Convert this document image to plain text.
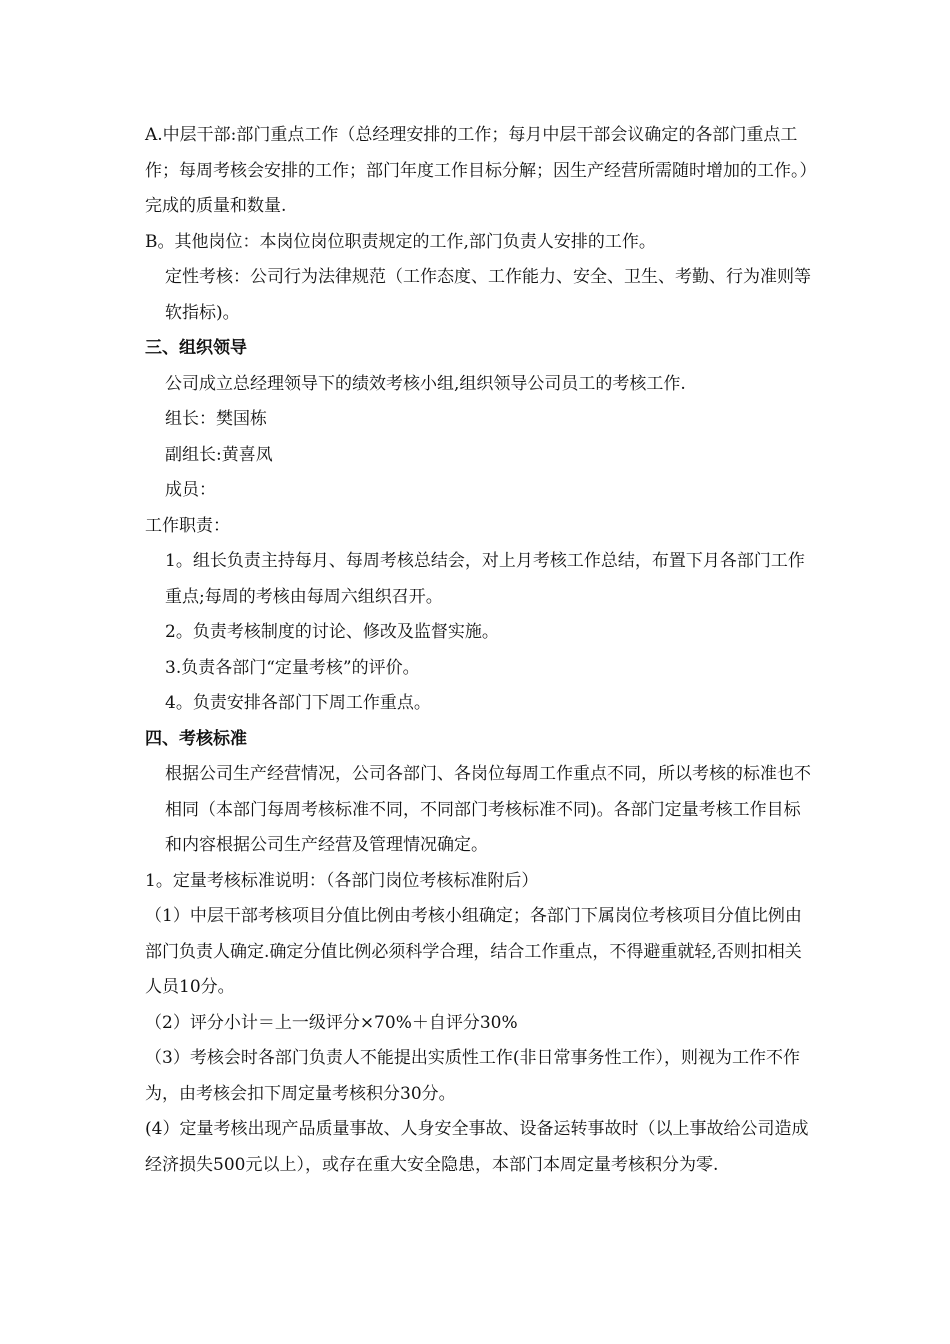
A.中层干部:部门重点工作（总经理安排的工作；每月中层干部会议确定的各部门重点工作；每周考核会安排的工作；部门年度工作目标分解；因生产经营所需随时增加的工作。）完成的质量和数量.

B。其他岗位：本岗位岗位职责规定的工作,部门负责人安排的工作。

定性考核：公司行为法律规范（工作态度、工作能力、安全、卫生、考勤、行为准则等软指标)。

三、组织领导

公司成立总经理领导下的绩效考核小组,组织领导公司员工的考核工作.

组长：樊国栋

副组长:黄喜凤

成员：

工作职责：

1。组长负责主持每月、每周考核总结会，对上月考核工作总结，布置下月各部门工作重点;每周的考核由每周六组织召开。

2。负责考核制度的讨论、修改及监督实施。

3.负责各部门“定量考核”的评价。

4。负责安排各部门下周工作重点。

四、考核标准

根据公司生产经营情况，公司各部门、各岗位每周工作重点不同，所以考核的标准也不相同（本部门每周考核标准不同，不同部门考核标准不同)。各部门定量考核工作目标和内容根据公司生产经营及管理情况确定。

1。定量考核标准说明：（各部门岗位考核标准附后）

（1）中层干部考核项目分值比例由考核小组确定；各部门下属岗位考核项目分值比例由部门负责人确定.确定分值比例必须科学合理，结合工作重点，不得避重就轻,否则扣相关人员10分。

（2）评分小计＝上一级评分×70%＋自评分30%

（3）考核会时各部门负责人不能提出实质性工作(非日常事务性工作），则视为工作不作为，由考核会扣下周定量考核积分30分。

(4）定量考核出现产品质量事故、人身安全事故、设备运转事故时（以上事故给公司造成经济损失500元以上），或存在重大安全隐患，本部门本周定量考核积分为零.
